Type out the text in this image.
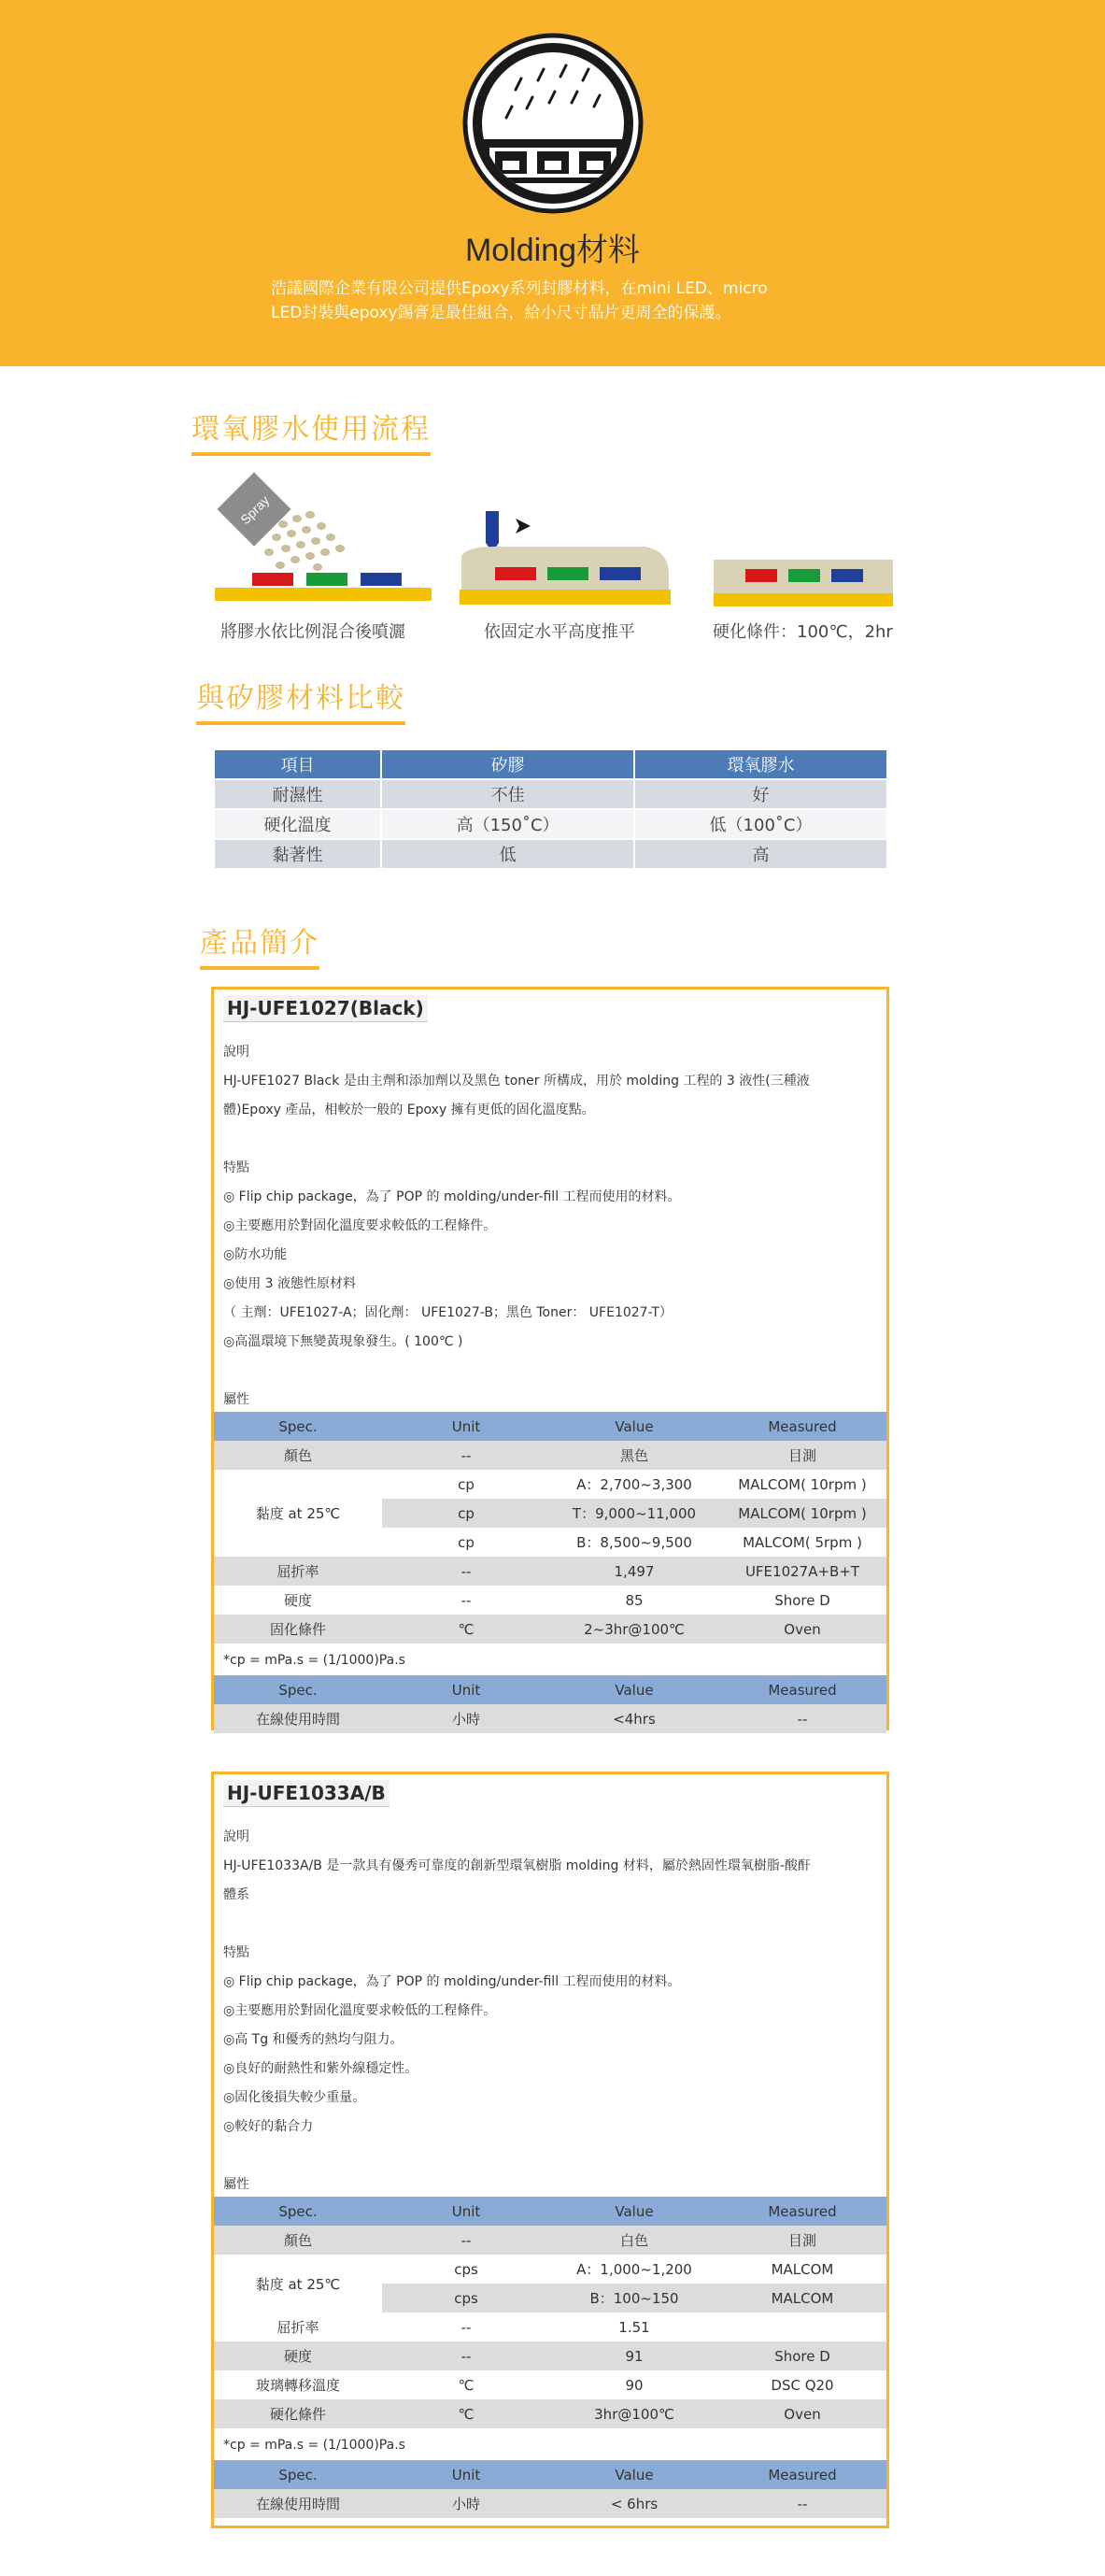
Molding材料
浩議國際企業有限公司提供Epoxy系列封膠材料，在mini LED、micro
LED封裝與epoxy錫膏是最佳組合，給小尺寸晶片更周全的保護。
環氧膠水使用流程
Spray
將膠水依比例混合後噴灑	依固定水平高度推平	硬化條件：100℃，2hr
與矽膠材料比較
項目	矽膠	環氧膠水
耐濕性	不佳	好
硬化溫度	高（150˚C）	低（100˚C）
黏著性	低	高
產品簡介
HJ-UFE1027(Black)

說明

HJ-UFE1027 Black 是由主劑和添加劑以及黑色 toner 所構成，用於 molding 工程的 3 液性(三種液

體)Epoxy 產品，相較於一般的 Epoxy 擁有更低的固化溫度點。

特點

◎ Flip chip package，為了 POP 的 molding/under-fill 工程而使用的材料。

◎主要應用於對固化溫度要求較低的工程條件。

◎防水功能

◎使用 3 液態性原材料

（ 主劑：UFE1027-A；固化劑： UFE1027-B；黑色 Toner： UFE1027-T）

◎高溫環境下無變黃現象發生。( 100℃ )

屬性

Spec.	Unit	Value	Measured
顏色	--	黑色	目測
黏度 at 25℃	cp	A：2,700~3,300	MALCOM( 10rpm )
	cp	T：9,000~11,000	MALCOM( 10rpm )
	cp	B：8,500~9,500	MALCOM( 5rpm )
屈折率	--	1,497	UFE1027A+B+T
硬度	--	85	Shore D
固化條件	℃	2~3hr@100℃	Oven
*cp = mPa.s = (1/1000)Pa.s
Spec.	Unit	Value	Measured
在線使用時間	小時	<4hrs	--
HJ-UFE1033A/B

說明

HJ-UFE1033A/B 是一款具有優秀可靠度的創新型環氧樹脂 molding 材料，屬於熱固性環氧樹脂-酸酐

體系

特點

◎ Flip chip package，為了 POP 的 molding/under-fill 工程而使用的材料。

◎主要應用於對固化溫度要求較低的工程條件。

◎高 Tg 和優秀的熱均勻阻力。

◎良好的耐熱性和紫外線穩定性。

◎固化後損失較少重量。

◎較好的黏合力

屬性

Spec.	Unit	Value	Measured
顏色	--	白色	目測
黏度 at 25℃	cps	A：1,000~1,200	MALCOM
	cps	B：100~150	MALCOM
屈折率	--	1.51	
硬度	--	91	Shore D
玻璃轉移溫度	℃	90	DSC Q20
硬化條件	℃	3hr@100℃	Oven
*cp = mPa.s = (1/1000)Pa.s
Spec.	Unit	Value	Measured
在線使用時間	小時	< 6hrs	--
